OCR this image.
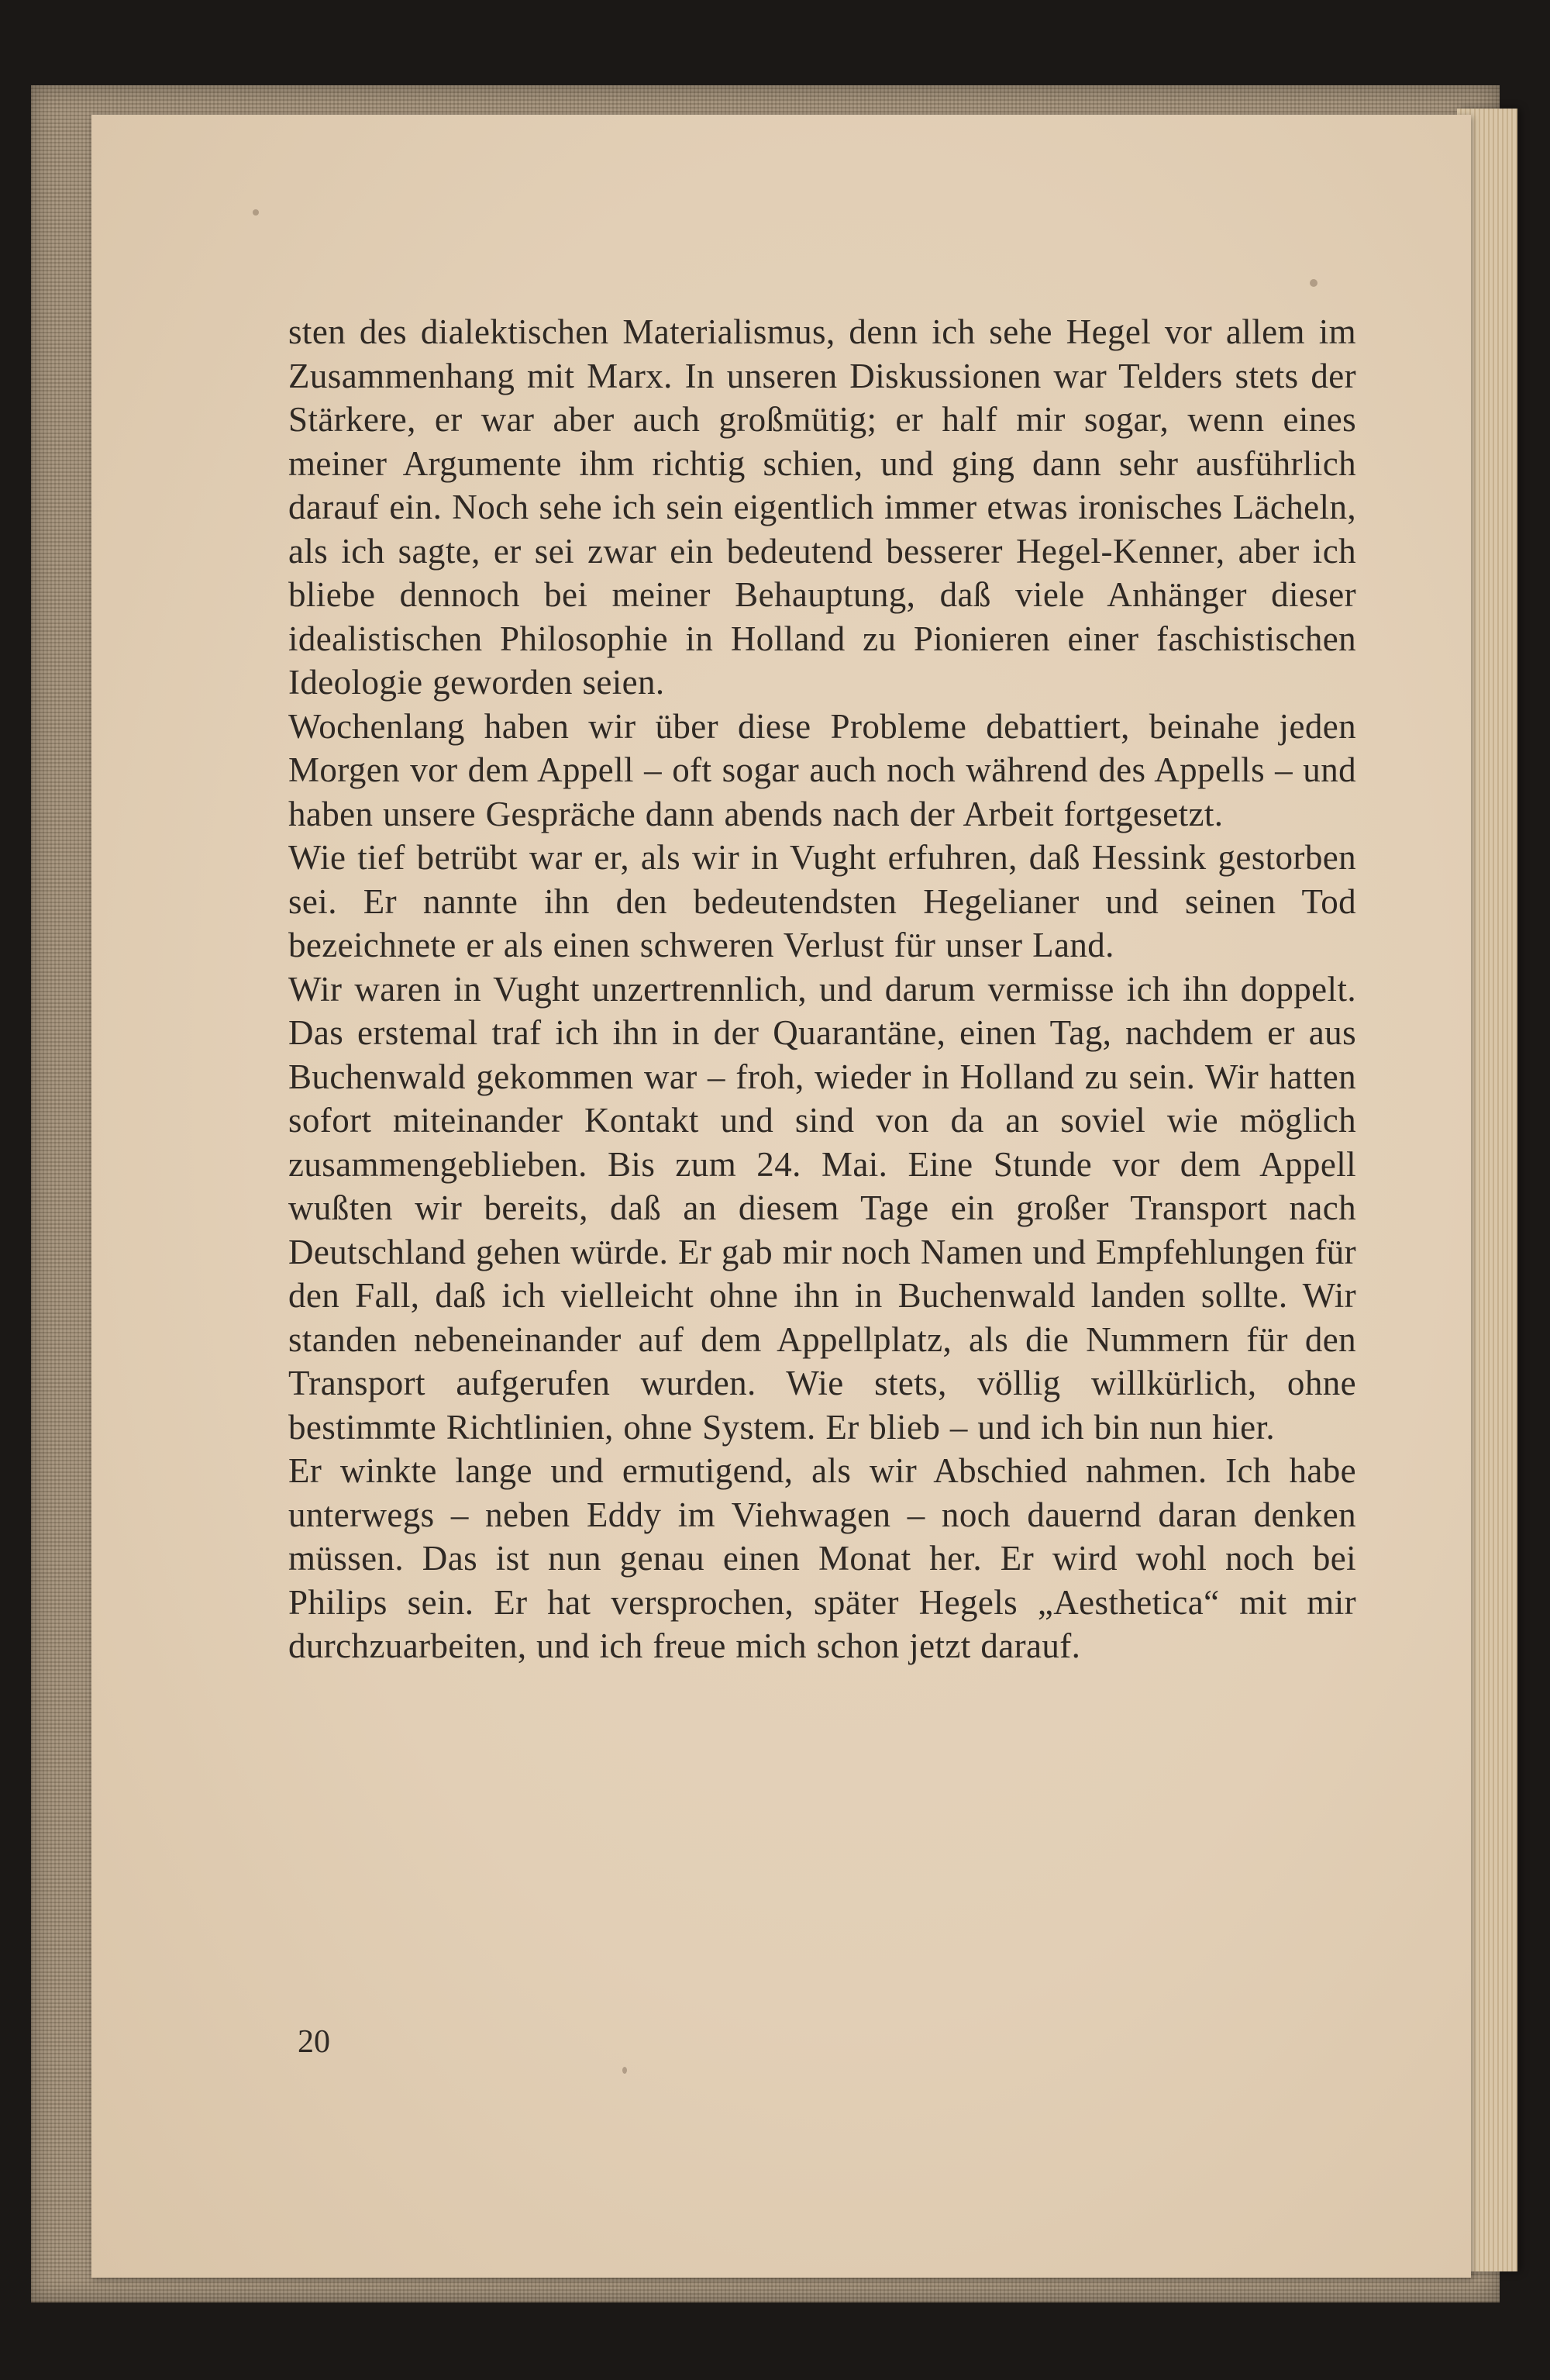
sten des dialektischen Materialismus, denn ich sehe Hegel vor allem im Zusammenhang mit Marx. In unseren Diskussionen war Telders stets der Stärkere, er war aber auch großmütig; er half mir sogar, wenn eines meiner Argumente ihm richtig schien, und ging dann sehr ausführlich darauf ein. Noch sehe ich sein eigentlich immer etwas ironisches Lächeln, als ich sagte, er sei zwar ein bedeutend besserer Hegel-Kenner, aber ich bliebe dennoch bei meiner Behauptung, daß viele Anhänger dieser idealistischen Philosophie in Holland zu Pionieren einer faschistischen Ideologie geworden seien.

Wochenlang haben wir über diese Probleme debattiert, beinahe jeden Morgen vor dem Appell – oft sogar auch noch während des Appells – und haben unsere Gespräche dann abends nach der Arbeit fortgesetzt.

Wie tief betrübt war er, als wir in Vught erfuhren, daß Hessink gestorben sei. Er nannte ihn den bedeutendsten Hegelianer und seinen Tod bezeichnete er als einen schweren Verlust für unser Land.

Wir waren in Vught unzertrennlich, und darum vermisse ich ihn doppelt. Das erstemal traf ich ihn in der Quarantäne, einen Tag, nachdem er aus Buchenwald gekommen war – froh, wieder in Holland zu sein. Wir hatten sofort miteinander Kontakt und sind von da an soviel wie möglich zusammengeblieben. Bis zum 24. Mai. Eine Stunde vor dem Appell wußten wir bereits, daß an diesem Tage ein großer Transport nach Deutschland gehen würde. Er gab mir noch Namen und Empfehlungen für den Fall, daß ich vielleicht ohne ihn in Buchenwald landen sollte. Wir standen nebeneinander auf dem Appellplatz, als die Nummern für den Transport aufgerufen wurden. Wie stets, völlig willkürlich, ohne bestimmte Richtlinien, ohne System. Er blieb – und ich bin nun hier.

Er winkte lange und ermutigend, als wir Abschied nahmen. Ich habe unterwegs – neben Eddy im Viehwagen – noch dauernd daran denken müssen. Das ist nun genau einen Monat her. Er wird wohl noch bei Philips sein. Er hat versprochen, später Hegels „Aesthetica“ mit mir durchzuarbeiten, und ich freue mich schon jetzt darauf.

20
